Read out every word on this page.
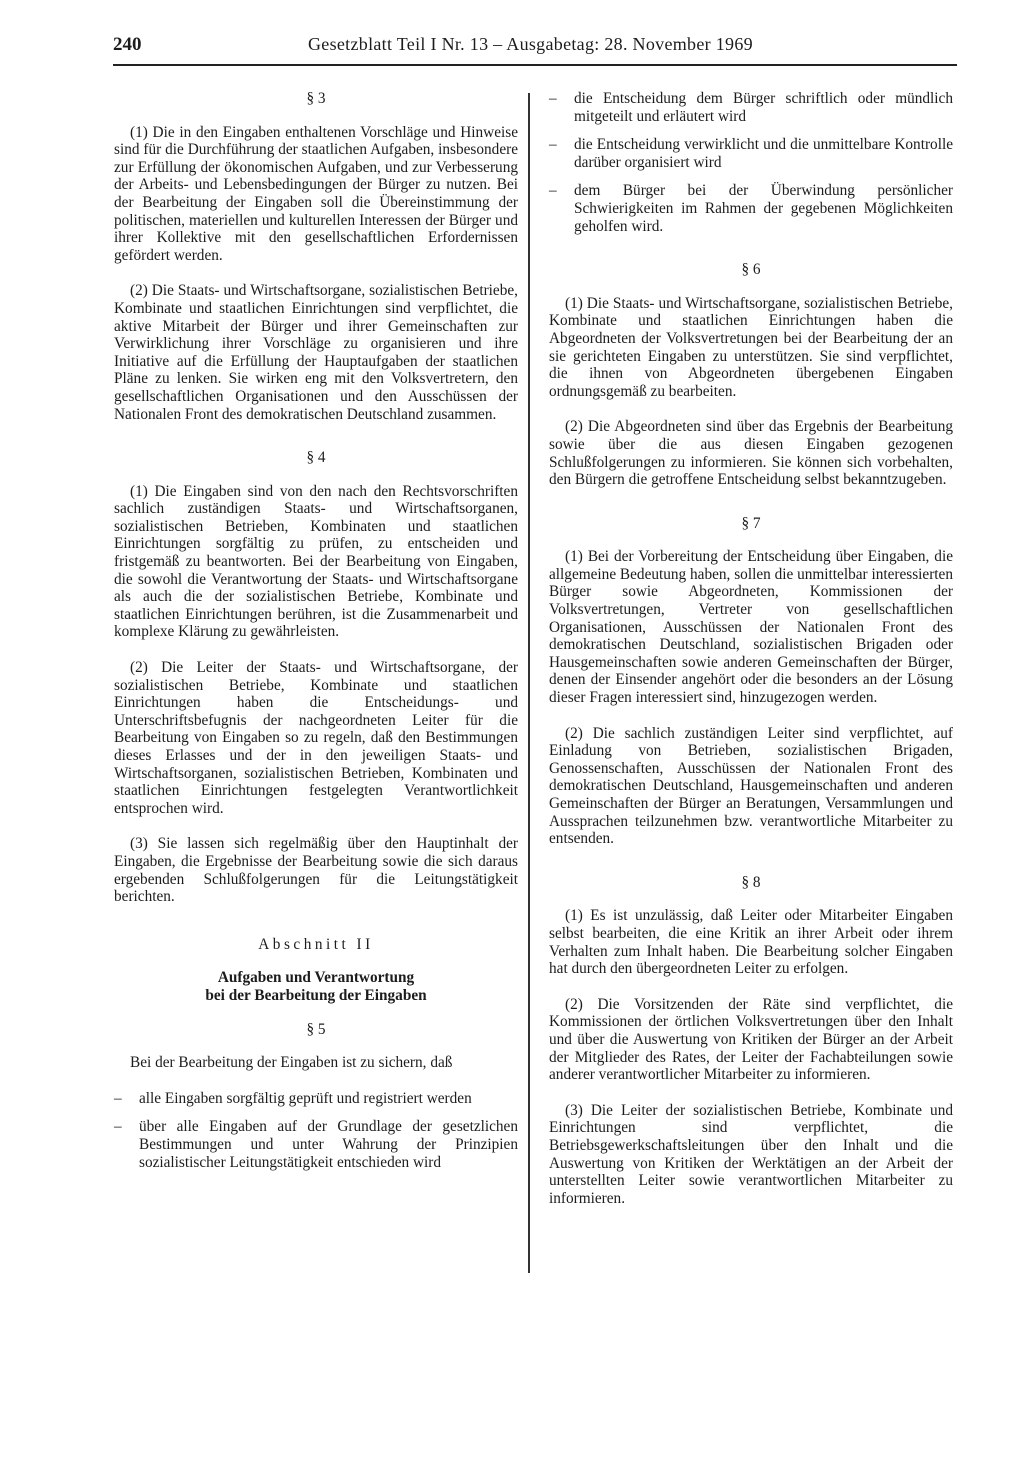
240	Gesetzblatt Teil I Nr. 13 – Ausgabetag: 28. November 1969
§ 3

(1) Die in den Eingaben enthaltenen Vorschläge und Hinweise sind für die Durchführung der staatlichen Aufgaben, insbesondere zur Erfüllung der ökonomischen Aufgaben, und zur Verbesserung der Arbeits- und Lebensbedingungen der Bürger zu nutzen. Bei der Bearbeitung der Eingaben soll die Übereinstimmung der politischen, materiellen und kulturellen Interessen der Bürger und ihrer Kollektive mit den gesellschaftlichen Erfordernissen gefördert werden.

(2) Die Staats- und Wirtschaftsorgane, sozialistischen Betriebe, Kombinate und staatlichen Einrichtungen sind verpflichtet, die aktive Mitarbeit der Bürger und ihrer Gemeinschaften zur Verwirklichung ihrer Vorschläge zu organisieren und ihre Initiative auf die Erfüllung der Hauptaufgaben der staatlichen Pläne zu lenken. Sie wirken eng mit den Volksvertretern, den gesellschaftlichen Organisationen und den Ausschüssen der Nationalen Front des demokratischen Deutschland zusammen.

§ 4

(1) Die Eingaben sind von den nach den Rechtsvorschriften sachlich zuständigen Staats- und Wirtschaftsorganen, sozialistischen Betrieben, Kombinaten und staatlichen Einrichtungen sorgfältig zu prüfen, zu entscheiden und fristgemäß zu beantworten. Bei der Bearbeitung von Eingaben, die sowohl die Verantwortung der Staats- und Wirtschaftsorgane als auch die der sozialistischen Betriebe, Kombinate und staatlichen Einrichtungen berühren, ist die Zusammenarbeit und komplexe Klärung zu gewährleisten.

(2) Die Leiter der Staats- und Wirtschaftsorgane, der sozialistischen Betriebe, Kombinate und staatlichen Einrichtungen haben die Entscheidungs- und Unterschriftsbefugnis der nachgeordneten Leiter für die Bearbeitung von Eingaben so zu regeln, daß den Bestimmungen dieses Erlasses und der in den jeweiligen Staats- und Wirtschaftsorganen, sozialistischen Betrieben, Kombinaten und staatlichen Einrichtungen festgelegten Verantwortlichkeit entsprochen wird.

(3) Sie lassen sich regelmäßig über den Hauptinhalt der Eingaben, die Ergebnisse der Bearbeitung sowie die sich daraus ergebenden Schlußfolgerungen für die Leitungstätigkeit berichten.

Abschnitt II
Aufgaben und Verantwortung
bei der Bearbeitung der Eingaben
§ 5

Bei der Bearbeitung der Eingaben ist zu sichern, daß

– alle Eingaben sorgfältig geprüft und registriert werden
– über alle Eingaben auf der Grundlage der gesetzlichen Bestimmungen und unter Wahrung der Prinzipien sozialistischer Leitungstätigkeit entschieden wird
– die Entscheidung dem Bürger schriftlich oder mündlich mitgeteilt und erläutert wird
– die Entscheidung verwirklicht und die unmittelbare Kontrolle darüber organisiert wird
– dem Bürger bei der Überwindung persönlicher Schwierigkeiten im Rahmen der gegebenen Möglichkeiten geholfen wird.
§ 6

(1) Die Staats- und Wirtschaftsorgane, sozialistischen Betriebe, Kombinate und staatlichen Einrichtungen haben die Abgeordneten der Volksvertretungen bei der Bearbeitung der an sie gerichteten Eingaben zu unterstützen. Sie sind verpflichtet, die ihnen von Abgeordneten übergebenen Eingaben ordnungsgemäß zu bearbeiten.

(2) Die Abgeordneten sind über das Ergebnis der Bearbeitung sowie über die aus diesen Eingaben gezogenen Schlußfolgerungen zu informieren. Sie können sich vorbehalten, den Bürgern die getroffene Entscheidung selbst bekanntzugeben.

§ 7

(1) Bei der Vorbereitung der Entscheidung über Eingaben, die allgemeine Bedeutung haben, sollen die unmittelbar interessierten Bürger sowie Abgeordneten, Kommissionen der Volksvertretungen, Vertreter von gesellschaftlichen Organisationen, Ausschüssen der Nationalen Front des demokratischen Deutschland, sozialistischen Brigaden oder Hausgemeinschaften sowie anderen Gemeinschaften der Bürger, denen der Einsender angehört oder die besonders an der Lösung dieser Fragen interessiert sind, hinzugezogen werden.

(2) Die sachlich zuständigen Leiter sind verpflichtet, auf Einladung von Betrieben, sozialistischen Brigaden, Genossenschaften, Ausschüssen der Nationalen Front des demokratischen Deutschland, Hausgemeinschaften und anderen Gemeinschaften der Bürger an Beratungen, Versammlungen und Aussprachen teilzunehmen bzw. verantwortliche Mitarbeiter zu entsenden.

§ 8

(1) Es ist unzulässig, daß Leiter oder Mitarbeiter Eingaben selbst bearbeiten, die eine Kritik an ihrer Arbeit oder ihrem Verhalten zum Inhalt haben. Die Bearbeitung solcher Eingaben hat durch den übergeordneten Leiter zu erfolgen.

(2) Die Vorsitzenden der Räte sind verpflichtet, die Kommissionen der örtlichen Volksvertretungen über den Inhalt und über die Auswertung von Kritiken der Bürger an der Arbeit der Mitglieder des Rates, der Leiter der Fachabteilungen sowie anderer verantwortlicher Mitarbeiter zu informieren.

(3) Die Leiter der sozialistischen Betriebe, Kombinate und Einrichtungen sind verpflichtet, die Betriebsgewerkschaftsleitungen über den Inhalt und die Auswertung von Kritiken der Werktätigen an der Arbeit der unterstellten Leiter sowie verantwortlichen Mitarbeiter zu informieren.
